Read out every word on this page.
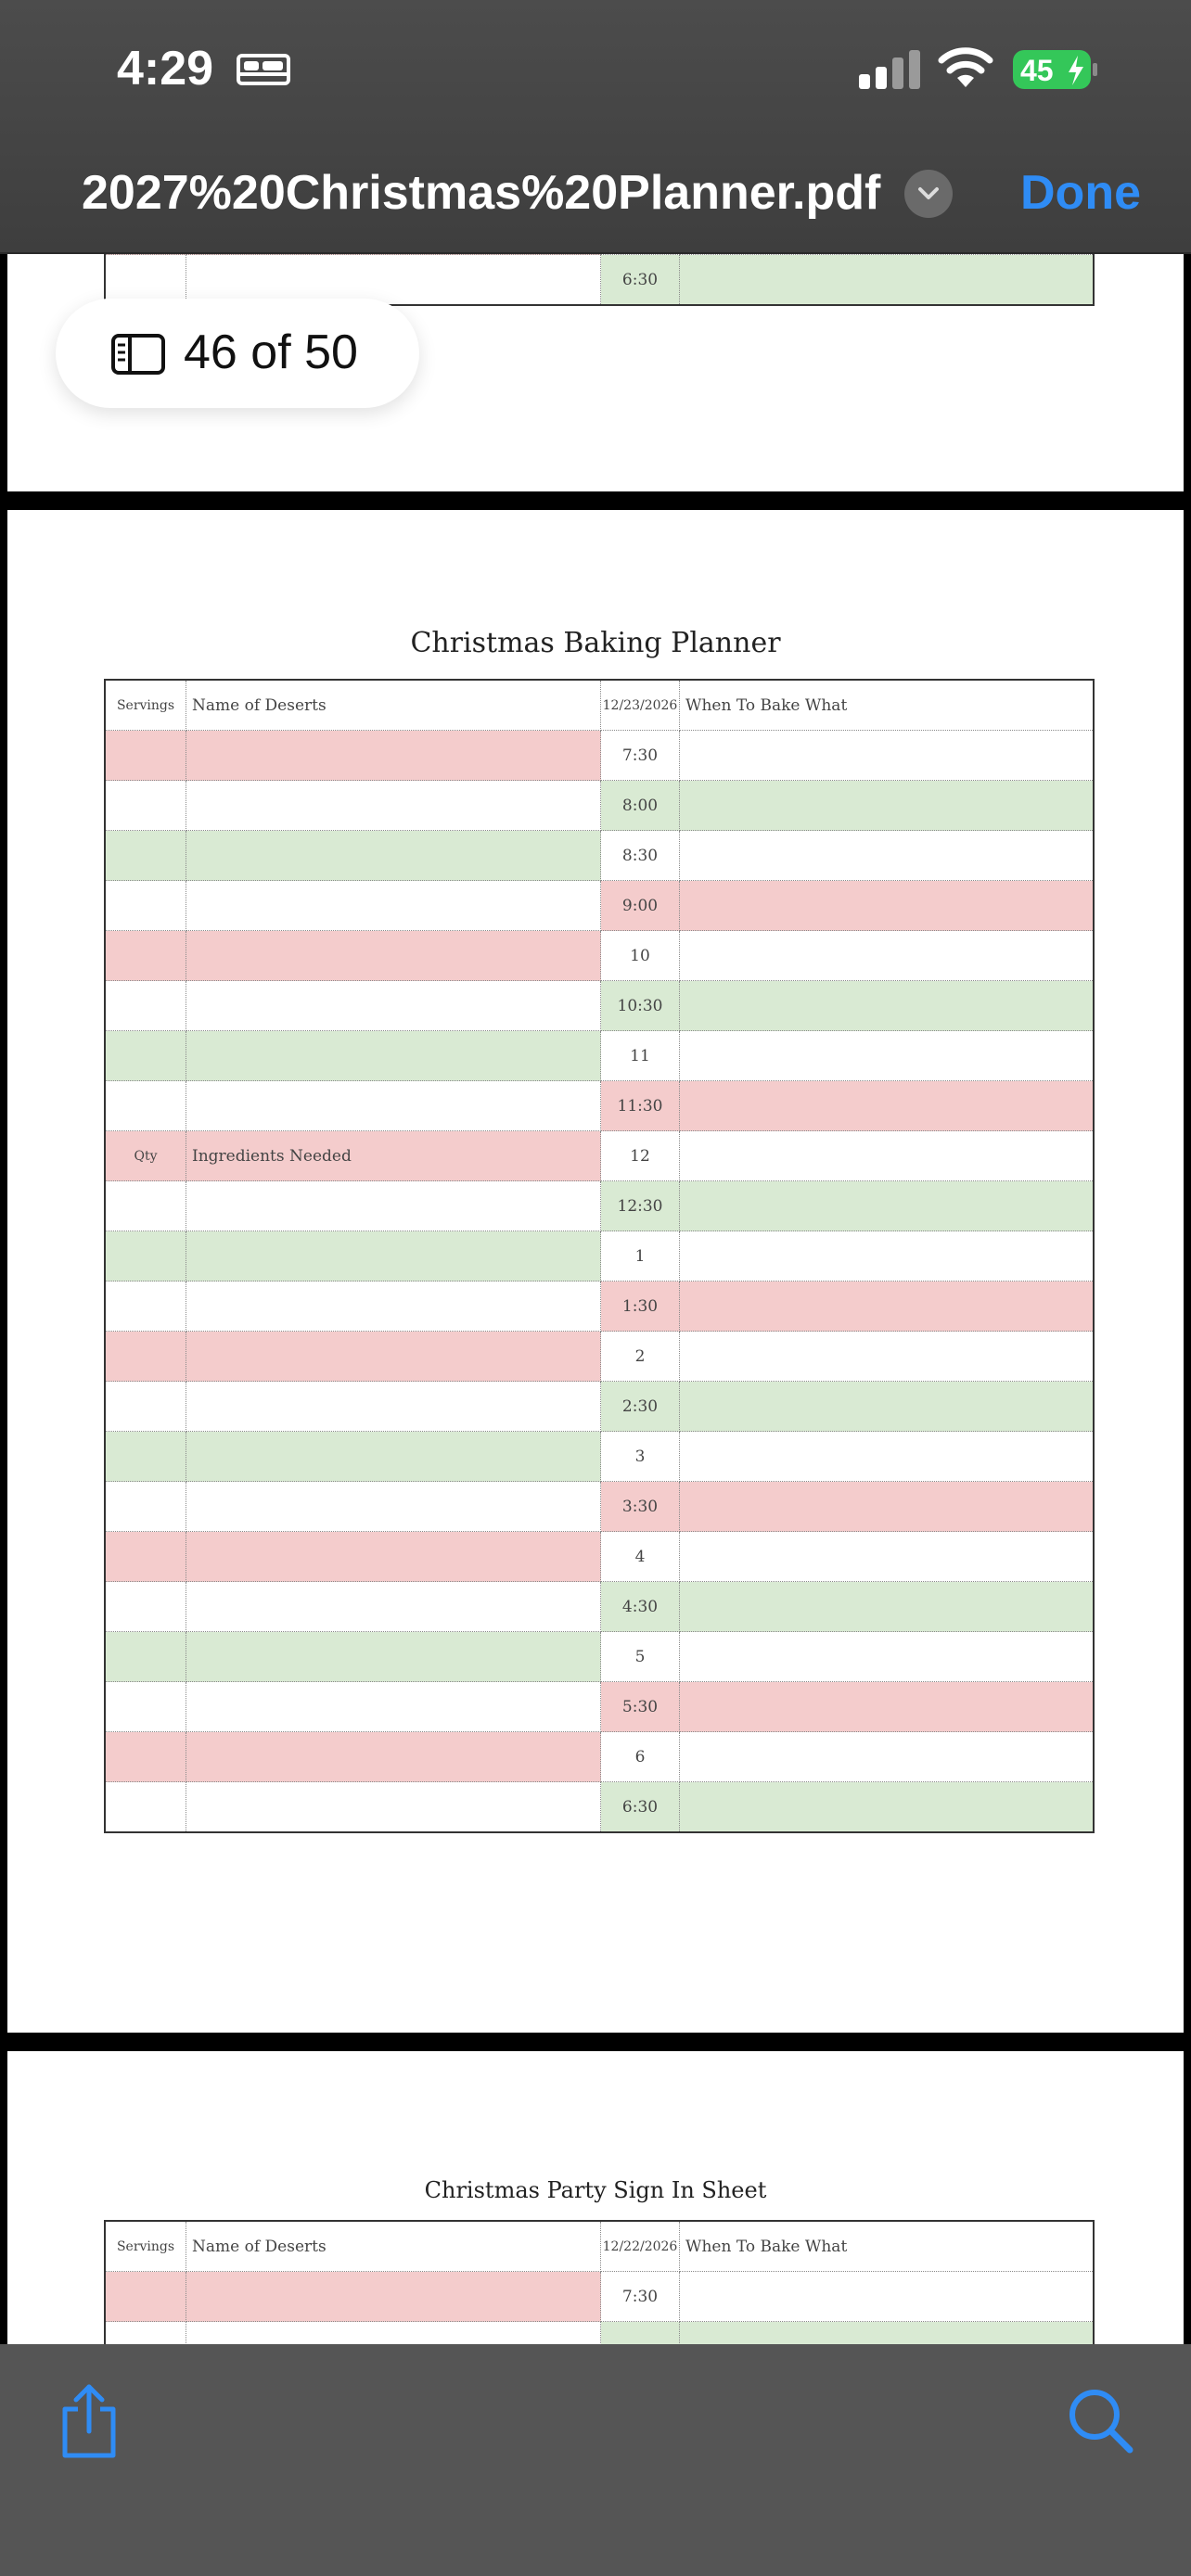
4:29	45
2027%20Christmas%20Planner.pdf	Done

		6:30	
Christmas Baking Planner
Servings	Name of Deserts	12/23/2026	When To Bake What
		7:30	
		8:00	
		8:30	
		9:00	
		10	
		10:30	
		11	
		11:30	
Qty	Ingredients Needed	12	
		12:30	
		1	
		1:30	
		2	
		2:30	
		3	
		3:30	
		4	
		4:30	
		5	
		5:30	
		6	
		6:30	
Christmas Party Sign In Sheet
Servings	Name of Deserts	12/22/2026	When To Bake What
		7:30	

46 of 50
